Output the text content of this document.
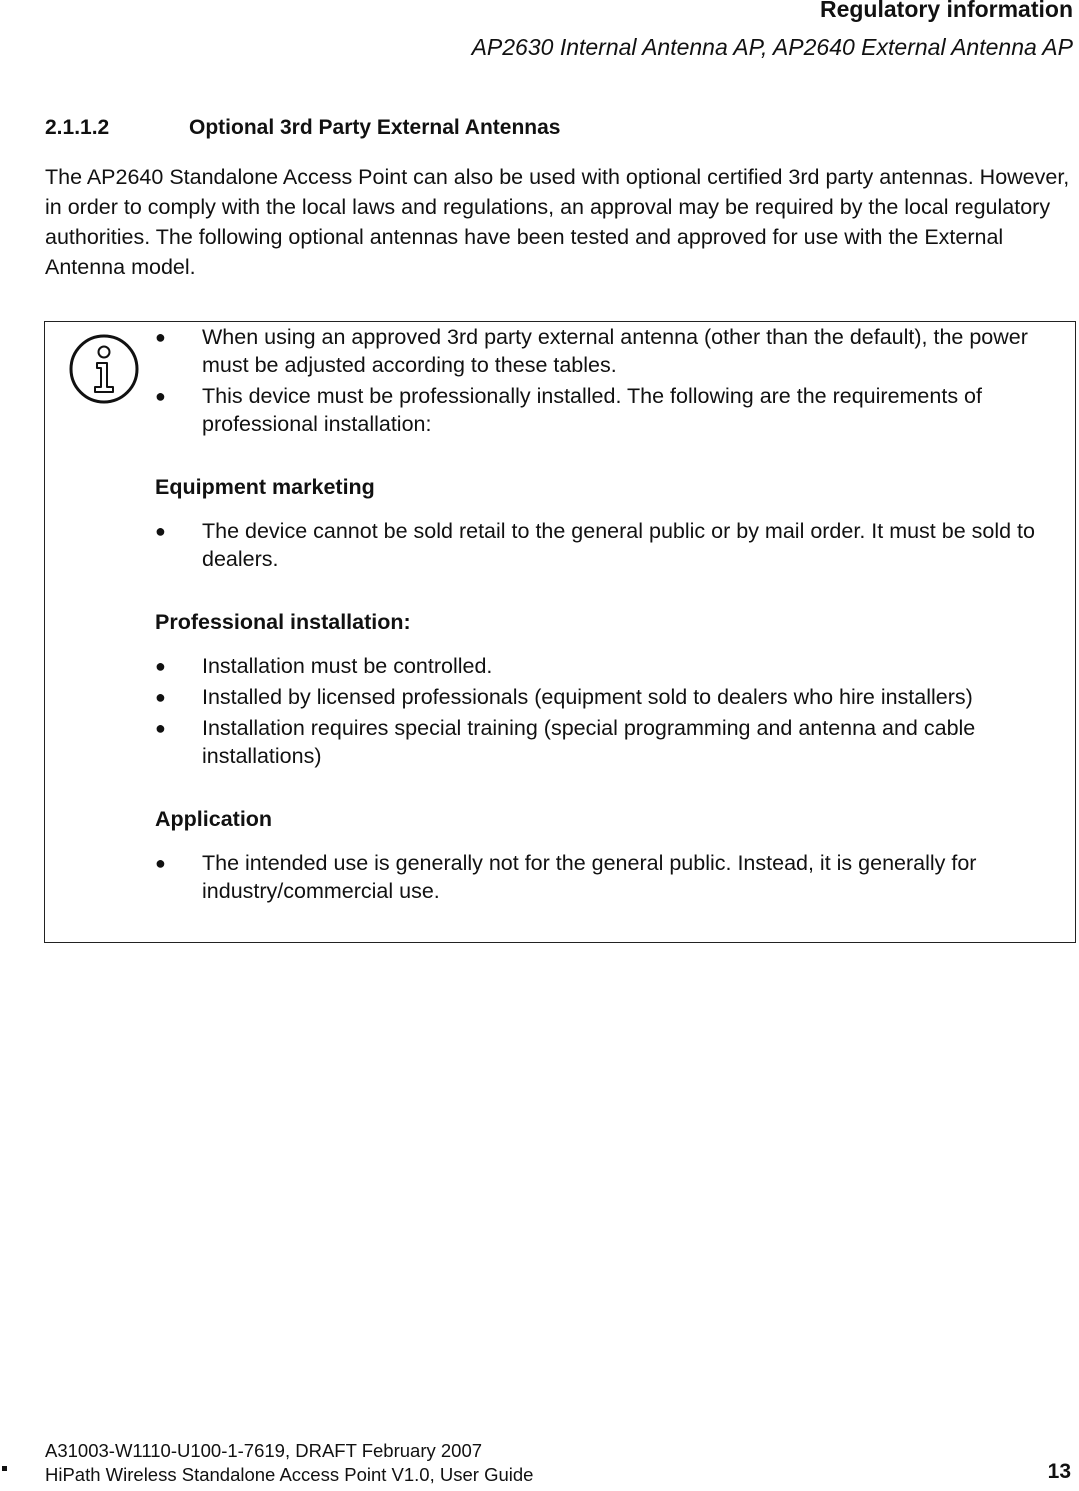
Regulatory information
AP2630 Internal Antenna AP, AP2640 External Antenna AP
2.1.1.2	Optional 3rd Party External Antennas

The AP2640 Standalone Access Point can also be used with optional certified 3rd party antennas. However, in order to comply with the local laws and regulations, an approval may be required by the local regulatory authorities. The following optional antennas have been tested and approved for use with the External Antenna model.

● When using an approved 3rd party external antenna (other than the default), the power must be adjusted according to these tables.
● This device must be professionally installed. The following are the requirements of professional installation:

Equipment marketing

● The device cannot be sold retail to the general public or by mail order. It must be sold to dealers.

Professional installation:

● Installation must be controlled.
● Installed by licensed professionals (equipment sold to dealers who hire installers)
● Installation requires special training (special programming and antenna and cable installations)

Application

● The intended use is generally not for the general public. Instead, it is generally for industry/commercial use.
A31003-W1110-U100-1-7619, DRAFT February 2007
HiPath Wireless Standalone Access Point V1.0, User Guide	13
